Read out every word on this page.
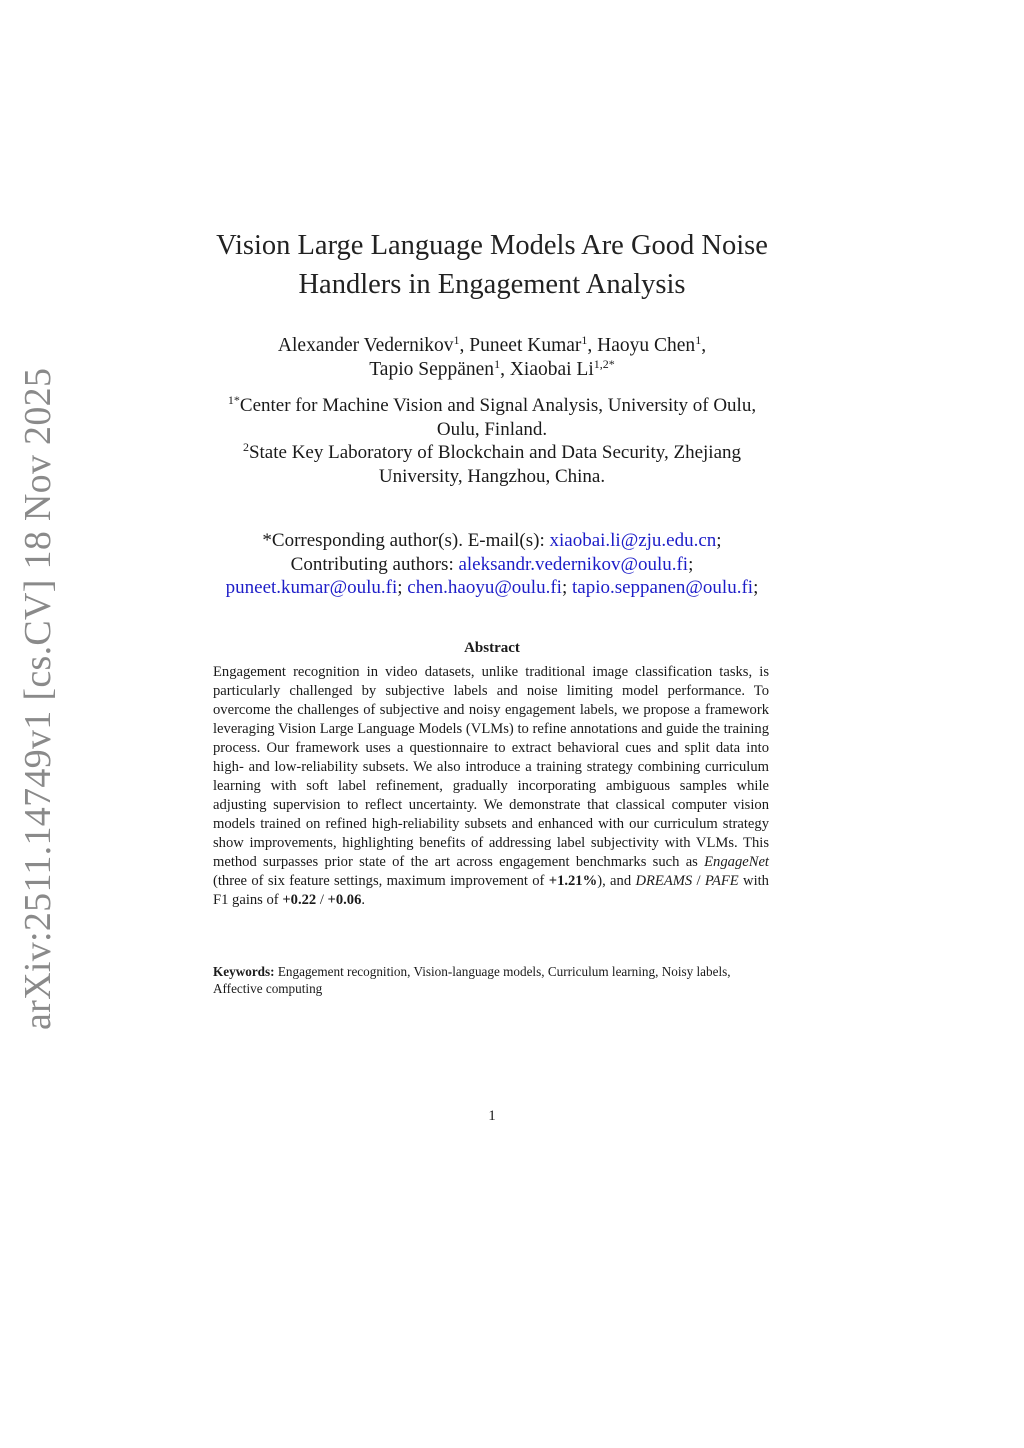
arXiv:2511.14749v1 [cs.CV] 18 Nov 2025
Vision Large Language Models Are Good Noise
Handlers in Engagement Analysis
Alexander Vedernikov$^1$, Puneet Kumar$^1$, Haoyu Chen$^1$,
Tapio Seppänen$^1$, Xiaobai $Li^{1,2*}$
$^{1*}$Center for Machine Vision and Signal Analysis, University of Oulu,
Oulu, Finland.
$^2$State Key Laboratory of Blockchain and Data Security, Zhejiang
University, Hangzhou, China.
*Corresponding author(s). E-mail(s): xiaobai.li@zju.edu.cn;
Contributing authors: aleksandr.vedernikov@oulu.fi;
puneet.kumar@oulu.fi; chen.haoyu@oulu.fi; tapio.seppanen@oulu.fi;
Abstract
Engagement recognition in video datasets, unlike traditional image classification tasks, is particularly challenged by subjective labels and noise limiting model performance. To overcome the challenges of subjective and noisy engagement labels, we propose a framework leveraging Vision Large Language Models (VLMs) to refine annotations and guide the training process. Our framework uses a questionnaire to extract behavioral cues and split data into high- and low-reliability subsets. We also introduce a training strategy combining curriculum learning with soft label refinement, gradually incorporating ambiguous samples while adjusting supervision to reflect uncertainty. We demonstrate that classical computer vision models trained on refined high-reliability subsets and enhanced with our curriculum strategy show improvements, highlighting benefits of addressing label subjectivity with VLMs. This method surpasses prior state of the art across engagement benchmarks such as EngageNet (three of six feature settings, maximum improvement of +1.21%), and DREAMS / PAFE with F1 gains of +0.22 / +0.06.
Keywords: Engagement recognition, Vision-language models, Curriculum learning, Noisy labels, Affective computing
1
